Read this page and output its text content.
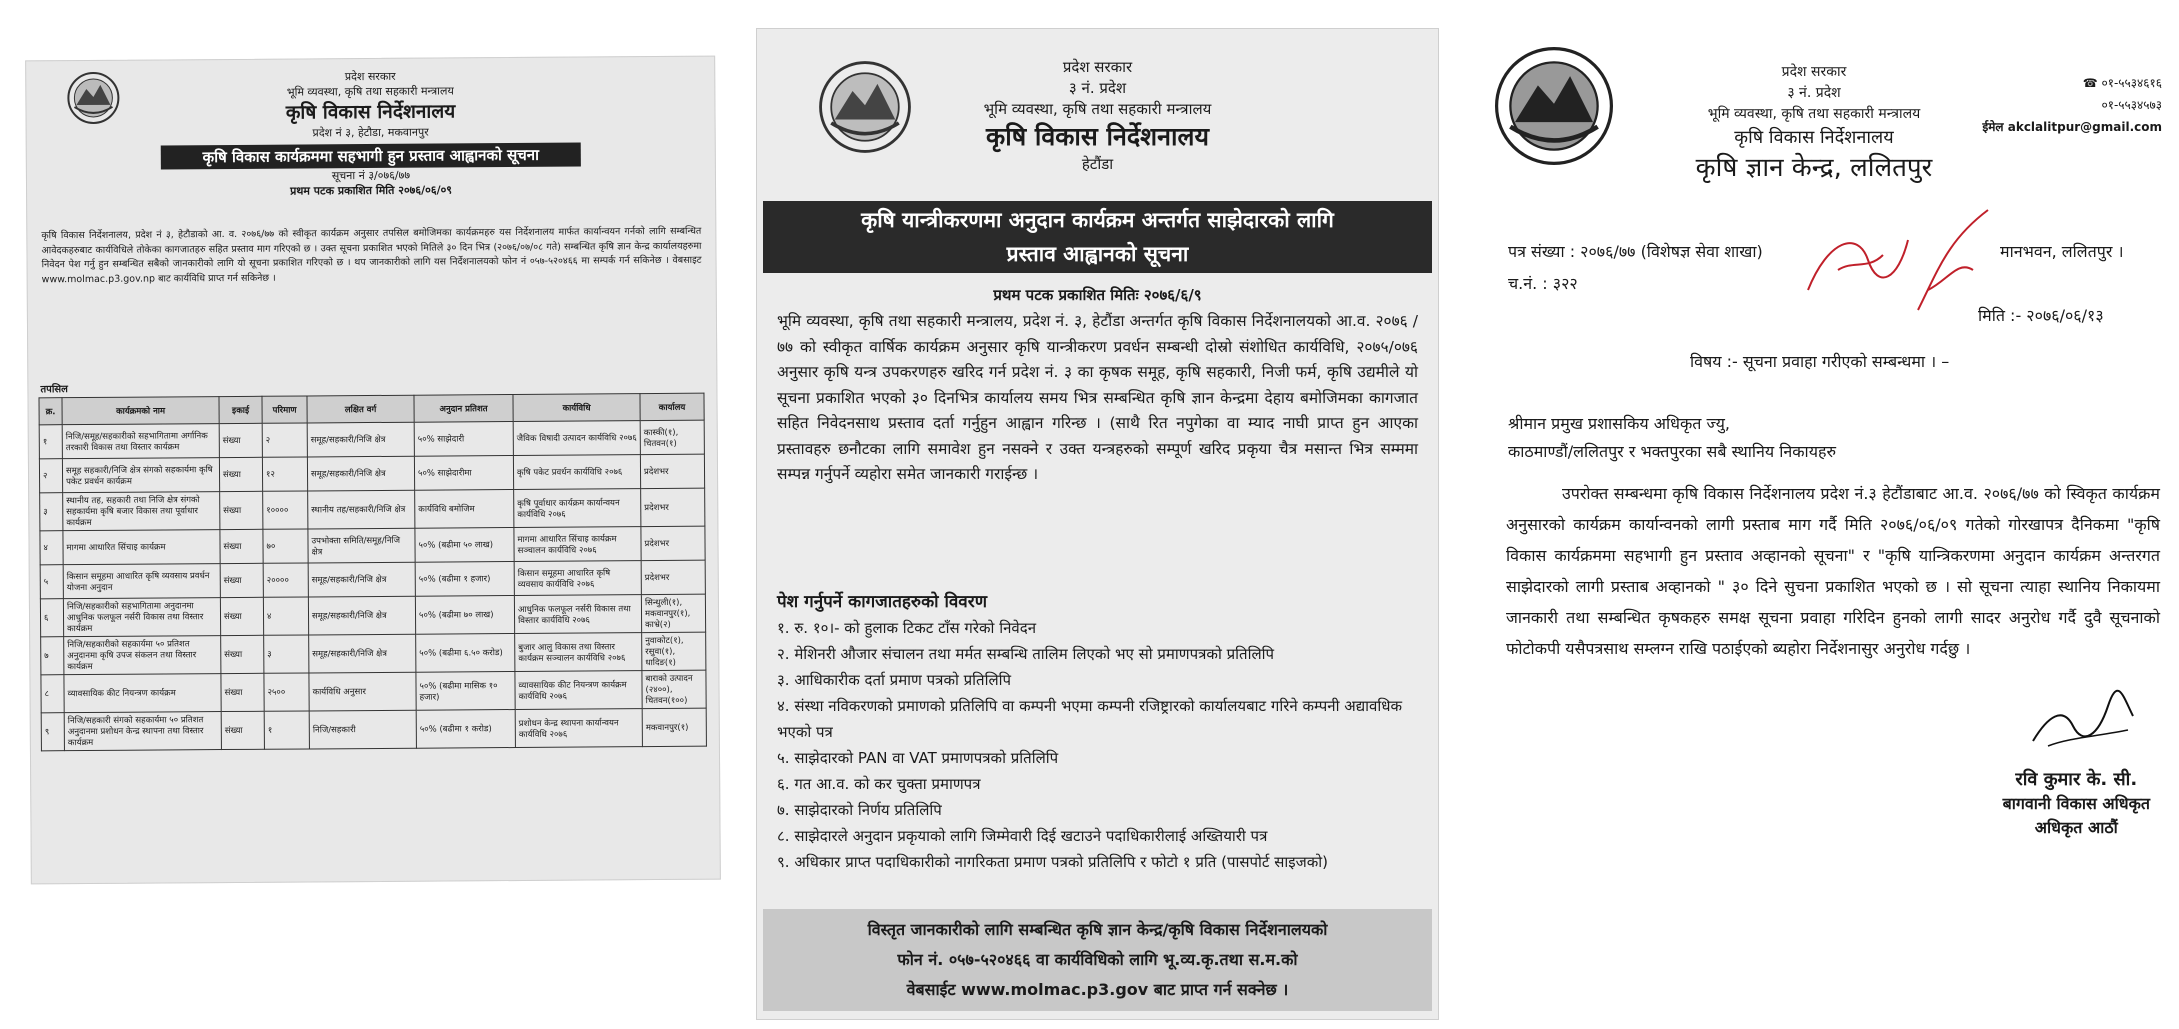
प्रदेश सरकार
भूमि व्यवस्था, कृषि तथा सहकारी मन्त्रालय
कृषि विकास निर्देशनालय
प्रदेश नं ३, हेटौडा, मकवानपुर
कृषि विकास कार्यक्रममा सहभागी हुन प्रस्ताव आह्वानको सूचना
सूचना नं ३/०७६/७७
प्रथम पटक प्रकाशित मिति २०७६/०६/०९
कृषि विकास निर्देशनालय, प्रदेश नं ३, हेटौडाको आ. व. २०७६/७७ को स्वीकृत कार्यक्रम अनुसार तपसिल बमोजिमका कार्यक्रमहरु यस निर्देशनालय मार्फत कार्यान्वयन गर्नको लागि सम्बन्धित आवेदकहरुबाट कार्यविधिले तोकेका कागजातहरु सहित प्रस्ताव माग गरिएको छ । उक्त सूचना प्रकाशित भएको मितिले ३० दिन भित्र (२०७६/०७/०८ गते) सम्बन्धित कृषि ज्ञान केन्द्र कार्यालयहरुमा निवेदन पेश गर्नु हुन सम्बन्धित सबैको जानकारीको लागि यो सूचना प्रकाशित गरिएको छ । थप जानकारीको लागि यस निर्देशनालयको फोन नं ०५७-५२०४६६ मा सम्पर्क गर्न सकिनेछ । वेबसाइट www.molmac.p3.gov.np बाट कार्यविधि प्राप्त गर्न सकिनेछ ।
तपसिल
क्र.	कार्यक्रमको नाम	इकाई	परिमाण	लक्षित वर्ग	अनुदान प्रतिशत	कार्यविधि	कार्यालय
१	निजि/समूह/सहकारीको सहभागितामा अर्गानिक तरकारी विकास तथा विस्तार कार्यक्रम	संख्या	२	समूह/सहकारी/निजि क्षेत्र	५०% साझेदारी	जैविक विषादी उत्पादन कार्यविधि २०७६	कास्की(१), चितवन(१)
२	समूह सहकारी/निजि क्षेत्र संगको सहकार्यमा कृषि पकेट प्रवर्धन कार्यक्रम	संख्या	१२	समूह/सहकारी/निजि क्षेत्र	५०% साझेदारीमा	कृषि पकेट प्रवर्धन कार्यविधि २०७६	प्रदेशभर
३	स्थानीय तह, सहकारी तथा निजि क्षेत्र संगको सहकार्यमा कृषि बजार विकास तथा पूर्वाधार कार्यक्रम	संख्या	१००००	स्थानीय तह/सहकारी/निजि क्षेत्र	कार्यविधि बमोजिम	कृषि पूर्वाधार कार्यक्रम कार्यान्वयन कार्यविधि २०७६	प्रदेशभर
४	मागमा आधारित सिंचाइ कार्यक्रम	संख्या	७०	उपभोक्ता समिति/समूह/निजि क्षेत्र	५०% (बढीमा ५० लाख)	मागमा आधारित सिंचाइ कार्यक्रम सञ्चालन कार्यविधि २०७६	प्रदेशभर
५	किसान समूहमा आधारित कृषि व्यवसाय प्रवर्धन योजना अनुदान	संख्या	२००००	समूह/सहकारी/निजि क्षेत्र	५०% (बढीमा १ हजार)	किसान समूहमा आधारित कृषि व्यवसाय कार्यविधि २०७६	प्रदेशभर
६	निजि/सहकारीको सहभागितामा अनुदानमा आधुनिक फलफूल नर्सरी विकास तथा विस्तार कार्यक्रम	संख्या	४	समूह/सहकारी/निजि क्षेत्र	५०% (बढीमा ७० लाख)	आधुनिक फलफूल नर्सरी विकास तथा विस्तार कार्यविधि २०७६	सिन्धुली(१), मकवानपुर(१), काभ्रे(२)
७	निजि/सहकारीको सहकार्यमा ५० प्रतिशत अनुदानमा कृषि उपज संकलन तथा विस्तार कार्यक्रम	संख्या	३	समूह/सहकारी/निजि क्षेत्र	५०% (बढीमा ६.५० करोड)	बुजार आलु विकास तथा विस्तार कार्यक्रम सञ्चालन कार्यविधि २०७६	नुवाकोट(१), रसुवा(१), धादिङ(१)
८	व्यावसायिक कीट नियन्त्रण कार्यक्रम	संख्या	२५००	कार्यविधि अनुसार	५०% (बढीमा मासिक १० हजार)	व्यावसायिक कीट नियन्त्रण कार्यक्रम कार्यविधि २०७६	बाराको उत्पादन (२४००), चितवन(१००)
९	निजि/सहकारी संगको सहकार्यमा ५० प्रतिशत अनुदानमा प्रशोधन केन्द्र स्थापना तथा विस्तार कार्यक्रम	संख्या	१	निजि/सहकारी	५०% (बढीमा १ करोड)	प्रशोधन केन्द्र स्थापना कार्यान्वयन कार्यविधि २०७६	मकवानपुर(१)
प्रदेश सरकार
३ नं. प्रदेश
भूमि व्यवस्था, कृषि तथा सहकारी मन्त्रालय
कृषि विकास निर्देशनालय
हेटौंडा
कृषि यान्त्रीकरणमा अनुदान कार्यक्रम अन्तर्गत साझेदारको लागि
प्रस्ताव आह्वानको सूचना
प्रथम पटक प्रकाशित मितिः २०७६/६/९
भूमि व्यवस्था, कृषि तथा सहकारी मन्त्रालय, प्रदेश नं. ३, हेटौंडा अन्तर्गत कृषि विकास निर्देशनालयको आ.व. २०७६ /७७ को स्वीकृत वार्षिक कार्यक्रम अनुसार कृषि यान्त्रीकरण प्रवर्धन सम्बन्धी दोस्रो संशोधित कार्यविधि, २०७५/०७६ अनुसार कृषि यन्त्र उपकरणहरु खरिद गर्न प्रदेश नं. ३ का कृषक समूह, कृषि सहकारी, निजी फर्म, कृषि उद्यमीले यो सूचना प्रकाशित भएको ३० दिनभित्र कार्यालय समय भित्र सम्बन्धित कृषि ज्ञान केन्द्रमा देहाय बमोजिमका कागजात सहित निवेदनसाथ प्रस्ताव दर्ता गर्नुहुन आह्वान गरिन्छ । (साथै रित नपुगेका वा म्याद नाघी प्राप्त हुन आएका प्रस्तावहरु छनौटका लागि समावेश हुन नसक्ने र उक्त यन्त्रहरुको सम्पूर्ण खरिद प्रकृया चैत्र मसान्त भित्र सम्ममा सम्पन्न गर्नुपर्ने व्यहोरा समेत जानकारी गराईन्छ ।
पेश गर्नुपर्ने कागजातहरुको विवरण
१. रु. १०।- को हुलाक टिकट टाँस गरेको निवेदन
२. मेशिनरी औजार संचालन तथा मर्मत सम्बन्धि तालिम लिएको भए सो प्रमाणपत्रको प्रतिलिपि
३. आधिकारीक दर्ता प्रमाण पत्रको प्रतिलिपि
४. संस्था नविकरणको प्रमाणको प्रतिलिपि वा कम्पनी भएमा कम्पनी रजिष्ट्रारको कार्यालयबाट गरिने कम्पनी अद्यावधिक भएको पत्र
५. साझेदारको PAN वा VAT प्रमाणपत्रको प्रतिलिपि
६. गत आ.व. को कर चुक्ता प्रमाणपत्र
७. साझेदारको निर्णय प्रतिलिपि
८. साझेदारले अनुदान प्रकृयाको लागि जिम्मेवारी दिई खटाउने पदाधिकारीलाई अख्तियारी पत्र
९. अधिकार प्राप्त पदाधिकारीको नागरिकता प्रमाण पत्रको प्रतिलिपि र फोटो १ प्रति (पासपोर्ट साइजको)
विस्तृत जानकारीको लागि सम्बन्धित कृषि ज्ञान केन्द्र/कृषि विकास निर्देशनालयको
फोन नं. ०५७-५२०४६६ वा कार्यविधिको लागि भू.व्य.कृ.तथा स.म.को
वेबसाईट www.molmac.p3.gov बाट प्राप्त गर्न सक्नेछ ।
प्रदेश सरकार
३ नं. प्रदेश
भूमि व्यवस्था, कृषि तथा सहकारी मन्त्रालय
कृषि विकास निर्देशनालय
कृषि ज्ञान केन्द्र, ललितपुर
☎ ०१-५५३४६१६
०१-५५३४५७३
ईमेल akclalitpur@gmail.com
पत्र संख्या : २०७६/७७ (विशेषज्ञ सेवा शाखा)
च.नं. : ३२२
मानभवन, ललितपुर ।
मिति :- २०७६/०६/१३
विषय :- सूचना प्रवाहा गरीएको सम्बन्धमा । –
श्रीमान प्रमुख प्रशासकिय अधिकृत ज्यु,
काठमाण्डौं/ललितपुर र भक्तपुरका सबै स्थानिय निकायहरु
उपरोक्त सम्बन्धमा कृषि विकास निर्देशनालय प्रदेश नं.३ हेटौंडाबाट आ.व. २०७६/७७ को स्विकृत कार्यक्रम अनुसारको कार्यक्रम कार्यान्वनको लागी प्रस्ताब माग गर्दै मिति २०७६/०६/०९ गतेको गोरखापत्र दैनिकमा "कृषि विकास कार्यक्रममा सहभागी हुन प्रस्ताव अव्हानको सूचना" र "कृषि यान्त्रिकरणमा अनुदान कार्यक्रम अन्तरगत साझेदारको लागी प्रस्ताब अव्हानको " ३० दिने सुचना प्रकाशित भएको छ । सो सूचना त्याहा स्थानिय निकायमा जानकारी तथा सम्बन्धित कृषकहरु समक्ष सूचना प्रवाहा गरिदिन हुनको लागी सादर अनुरोध गर्दै दुवै सूचनाको फोटोकपी यसैपत्रसाथ सम्लग्न राखि पठाईएको ब्यहोरा निर्देशनासुर अनुरोध गर्दछु ।
रवि कुमार के. सी.
बागवानी विकास अधिकृत
अधिकृत आठौं
